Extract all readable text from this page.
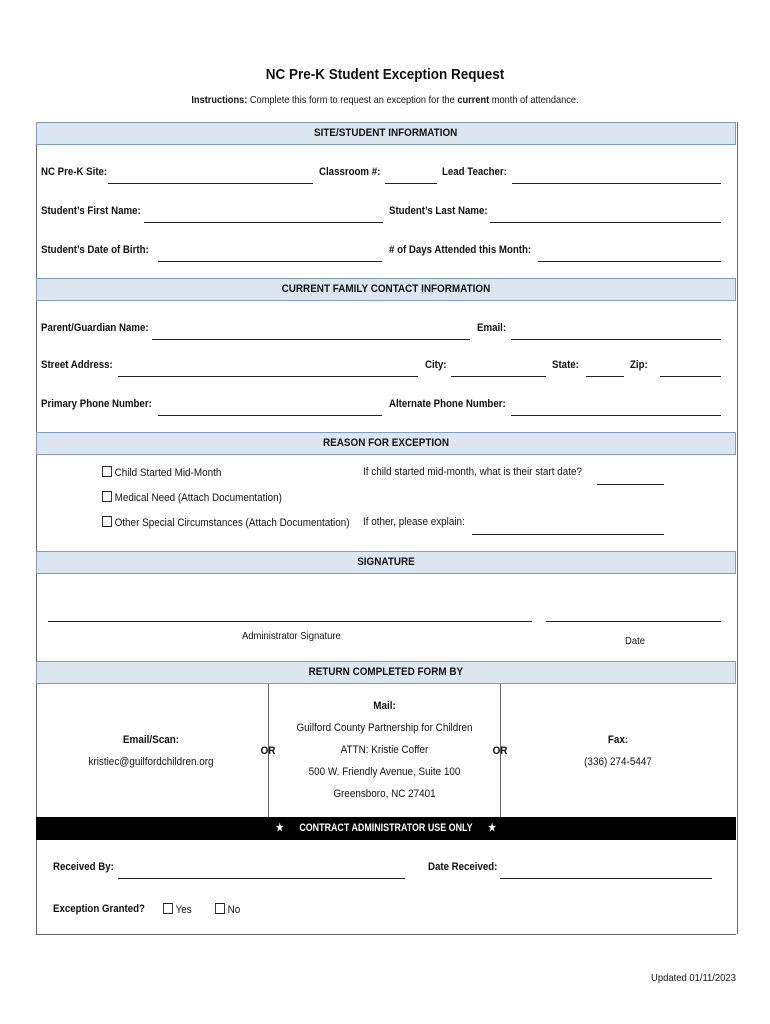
NC Pre-K Student Exception Request
Instructions: Complete this form to request an exception for the current month of attendance.
SITE/STUDENT INFORMATION
NC Pre-K Site:	Classroom #:	Lead Teacher:
Student’s First Name:	Student’s Last Name:
Student’s Date of Birth:	# of Days Attended this Month:
CURRENT FAMILY CONTACT INFORMATION
Parent/Guardian Name:	Email:
Street Address:	City:	State:	Zip:
Primary Phone Number:	Alternate Phone Number:
REASON FOR EXCEPTION
Child Started Mid-Month
Medical Need (Attach Documentation)
Other Special Circumstances (Attach Documentation)
If child started mid-month, what is their start date?
If other, please explain:
SIGNATURE
Administrator Signature	Date
RETURN COMPLETED FORM BY
Email/Scan:
kristiec@guilfordchildren.org
OR
Mail:
Guilford County Partnership for Children
ATTN: Kristie Coffer
500 W. Friendly Avenue, Suite 100
Greensboro, NC 27401
OR
Fax:
(336) 274-5447
★ CONTRACT ADMINISTRATOR USE ONLY ★
Received By:	Date Received:
Exception Granted?	Yes	No
Updated 01/11/2023
